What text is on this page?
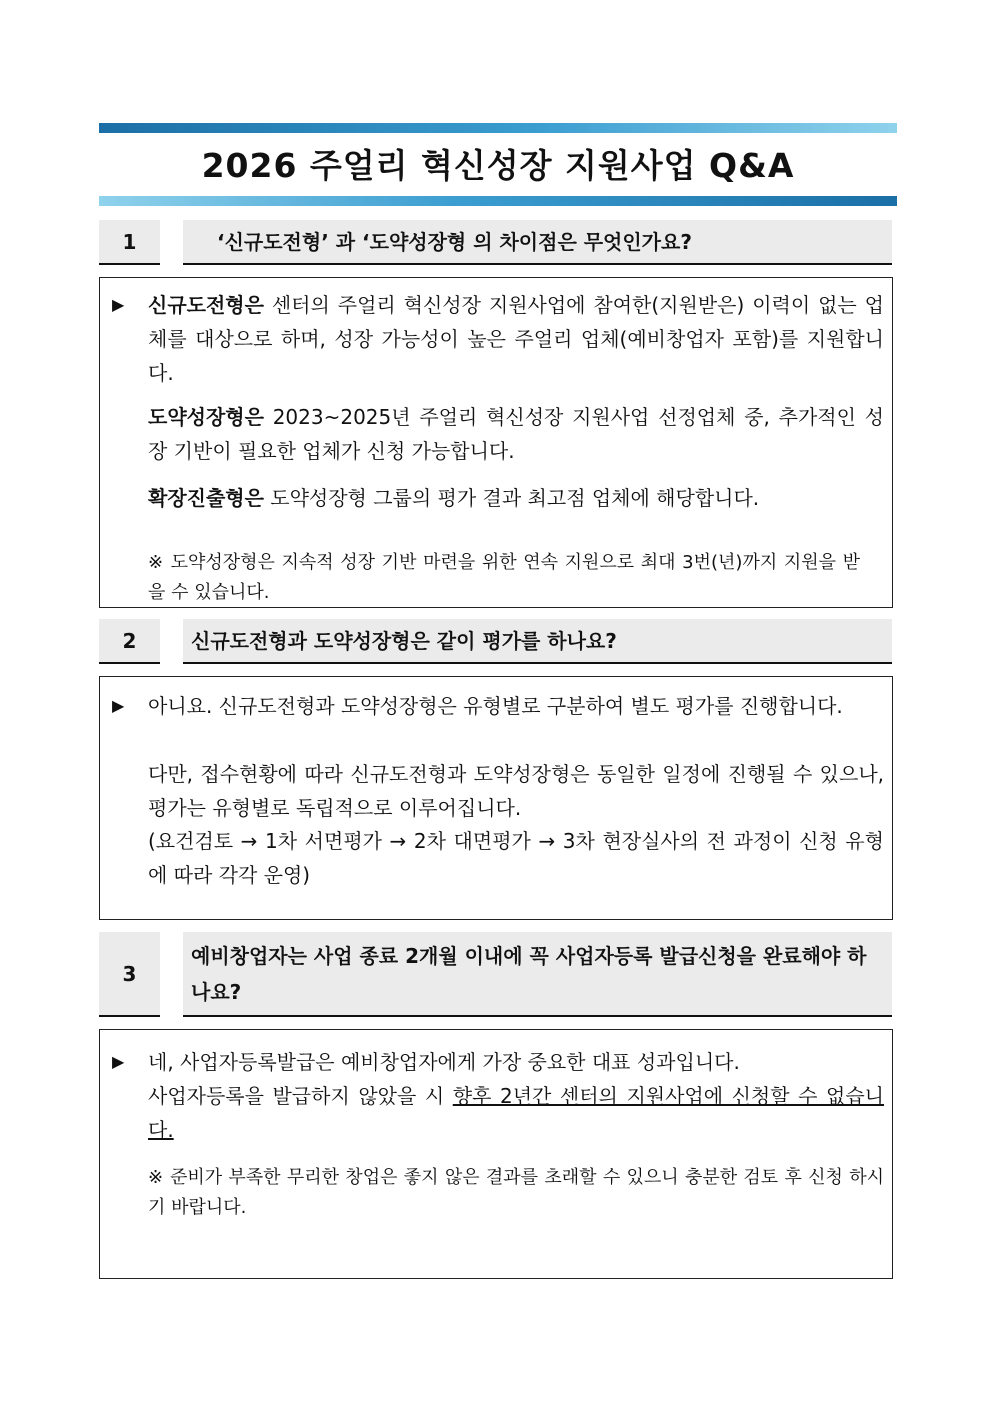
2026 주얼리 혁신성장 지원사업 Q&A
1	‘신규도전형’ 과 ‘도약성장형 의 차이점은 무엇인가요?
▶ 신규도전형은 센터의 주얼리 혁신성장 지원사업에 참여한(지원받은) 이력이 없는 업체를 대상으로 하며, 성장 가능성이 높은 주얼리 업체(예비창업자 포함)를 지원합니다.
도약성장형은 2023~2025년 주얼리 혁신성장 지원사업 선정업체 중, 추가적인 성장 기반이 필요한 업체가 신청 가능합니다.
확장진출형은 도약성장형 그룹의 평가 결과 최고점 업체에 해당합니다.
※ 도약성장형은 지속적 성장 기반 마련을 위한 연속 지원으로 최대 3번(년)까지 지원을 받을 수 있습니다.
2	신규도전형과 도약성장형은 같이 평가를 하나요?
▶ 아니요. 신규도전형과 도약성장형은 유형별로 구분하여 별도 평가를 진행합니다.
다만, 접수현황에 따라 신규도전형과 도약성장형은 동일한 일정에 진행될 수 있으나, 평가는 유형별로 독립적으로 이루어집니다.
(요건검토 → 1차 서면평가 → 2차 대면평가 → 3차 현장실사의 전 과정이 신청 유형에 따라 각각 운영)
3
예비창업자는 사업 종료 2개월 이내에 꼭 사업자등록 발급신청을 완료해야 하나요?
▶ 네, 사업자등록발급은 예비창업자에게 가장 중요한 대표 성과입니다.
사업자등록을 발급하지 않았을 시 향후 2년간 센터의 지원사업에 신청할 수 없습니다.
※ 준비가 부족한 무리한 창업은 좋지 않은 결과를 초래할 수 있으니 충분한 검토 후 신청 하시기 바랍니다.
